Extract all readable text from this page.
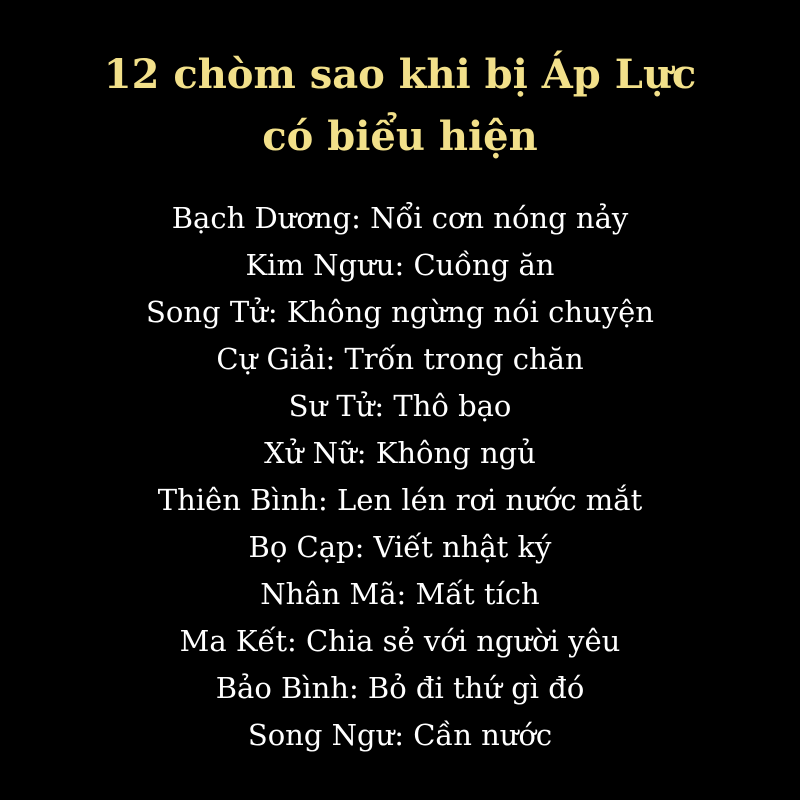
12 chòm sao khi bị Áp Lực
có biểu hiện
Bạch Dương: Nổi cơn nóng nảy
Kim Ngưu: Cuồng ăn
Song Tử: Không ngừng nói chuyện
Cự Giải: Trốn trong chăn
Sư Tử: Thô bạo
Xử Nữ: Không ngủ
Thiên Bình: Len lén rơi nước mắt
Bọ Cạp: Viết nhật ký
Nhân Mã: Mất tích
Ma Kết: Chia sẻ với người yêu
Bảo Bình: Bỏ đi thứ gì đó
Song Ngư: Cần nước
